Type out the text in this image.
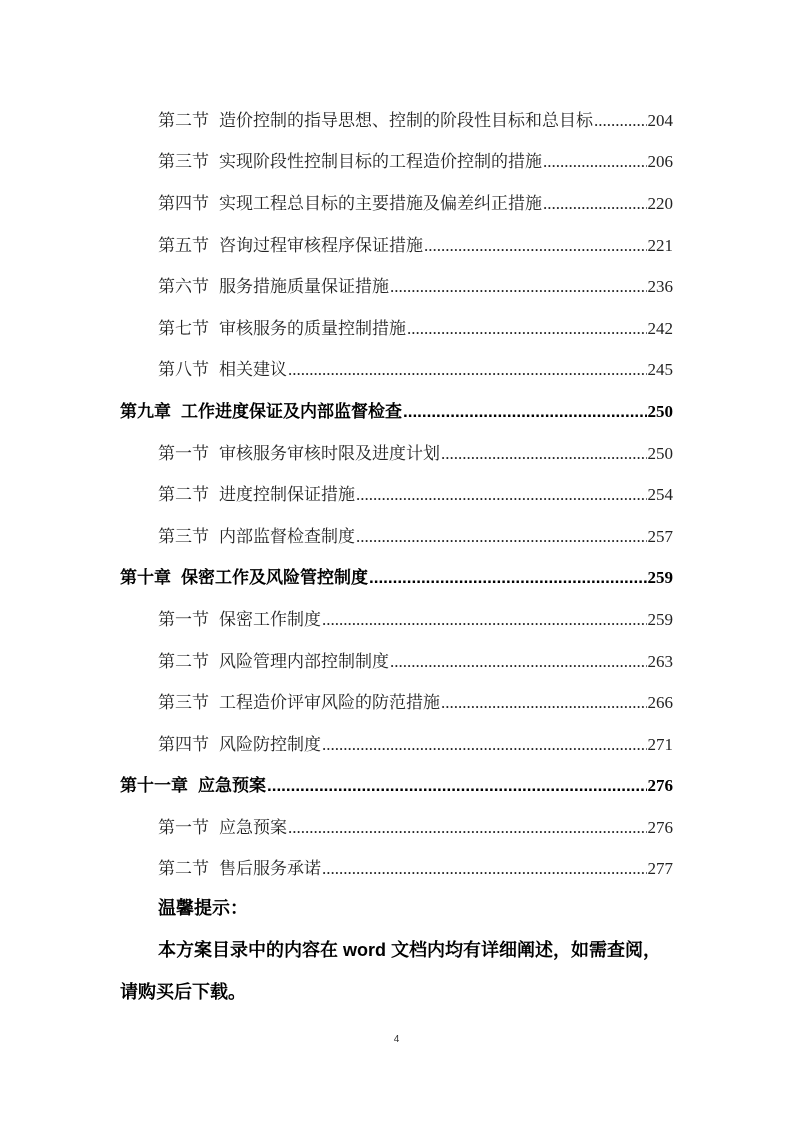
第二节 造价控制的指导思想、控制的阶段性目标和总目标 .....	204
第三节 实现阶段性控制目标的工程造价控制的措施 .....	206
第四节 实现工程总目标的主要措施及偏差纠正措施 .....	220
第五节 咨询过程审核程序保证措施 .....	221
第六节 服务措施质量保证措施 .....	236
第七节 审核服务的质量控制措施 .....	242
第八节 相关建议 .....	245
第九章 工作进度保证及内部监督检查 .....	250
第一节 审核服务审核时限及进度计划 .....	250
第二节 进度控制保证措施 .....	254
第三节 内部监督检查制度 .....	257
第十章 保密工作及风险管控制度 .....	259
第一节 保密工作制度 .....	259
第二节 风险管理内部控制制度 .....	263
第三节 工程造价评审风险的防范措施 .....	266
第四节 风险防控制度 .....	271
第十一章 应急预案 .....	276
第一节 应急预案 .....	276
第二节 售后服务承诺 .....	277
温馨提示：
本方案目录中的内容在 word 文档内均有详细阐述，如需查阅，
请购买后下载。
4
